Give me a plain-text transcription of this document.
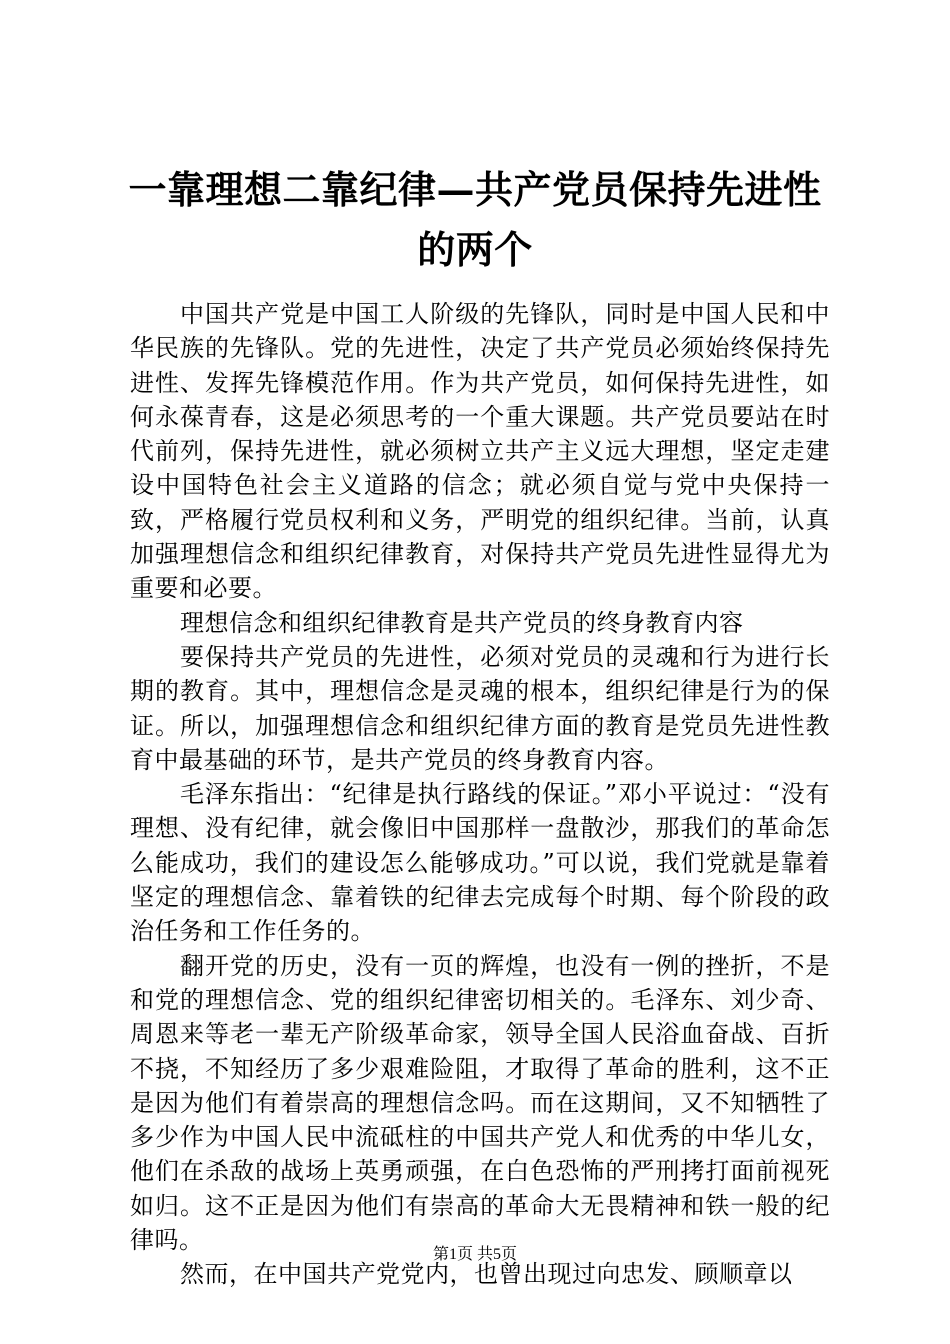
一靠理想二靠纪律—共产党员保持先进性的两个

中国共产党是中国工人阶级的先锋队，同时是中国人民和中华民族的先锋队。党的先进性，决定了共产党员必须始终保持先进性、发挥先锋模范作用。作为共产党员，如何保持先进性，如何永葆青春，这是必须思考的一个重大课题。共产党员要站在时代前列，保持先进性，就必须树立共产主义远大理想，坚定走建设中国特色社会主义道路的信念；就必须自觉与党中央保持一致，严格履行党员权利和义务，严明党的组织纪律。当前，认真加强理想信念和组织纪律教育，对保持共产党员先进性显得尤为重要和必要。

理想信念和组织纪律教育是共产党员的终身教育内容

要保持共产党员的先进性，必须对党员的灵魂和行为进行长期的教育。其中，理想信念是灵魂的根本，组织纪律是行为的保证。所以，加强理想信念和组织纪律方面的教育是党员先进性教育中最基础的环节，是共产党员的终身教育内容。

毛泽东指出：“纪律是执行路线的保证。”邓小平说过：“没有理想、没有纪律，就会像旧中国那样一盘散沙，那我们的革命怎么能成功，我们的建设怎么能够成功。”可以说，我们党就是靠着坚定的理想信念、靠着铁的纪律去完成每个时期、每个阶段的政治任务和工作任务的。

翻开党的历史，没有一页的辉煌，也没有一例的挫折，不是和党的理想信念、党的组织纪律密切相关的。毛泽东、刘少奇、周恩来等老一辈无产阶级革命家，领导全国人民浴血奋战、百折不挠，不知经历了多少艰难险阻，才取得了革命的胜利，这不正是因为他们有着崇高的理想信念吗。而在这期间，又不知牺牲了多少作为中国人民中流砥柱的中国共产党人和优秀的中华儿女，他们在杀敌的战场上英勇顽强，在白色恐怖的严刑拷打面前视死如归。这不正是因为他们有崇高的革命大无畏精神和铁一般的纪律吗。

然而，在中国共产党党内，也曾出现过向忠发、顾顺章以

第1页 共5页
